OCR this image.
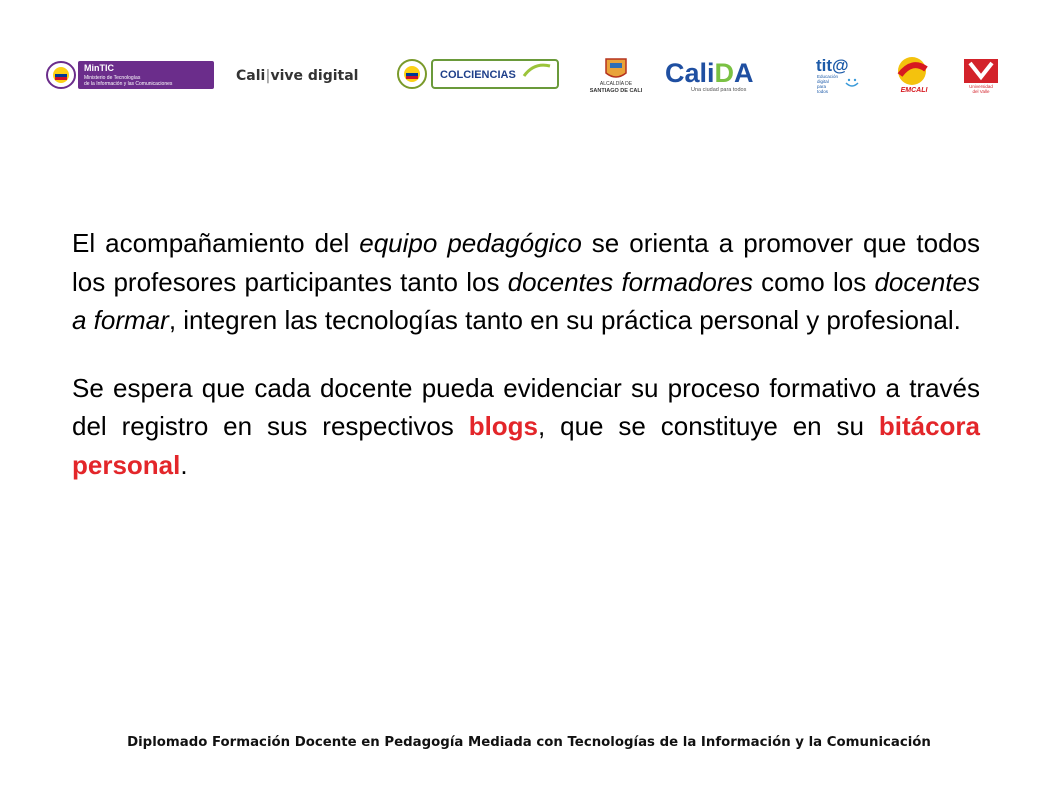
MinTIC
Ministerio de Tecnologías
de la Información y las Comunicaciones	Cali|vive digital	COLCIENCIAS
ALCALDÍA DE
SANTIAGO DE CALI
CaliDA
Una ciudad para todos
tit@
Educación
digital
para
todos	EMCALI
Universidad
del Valle

El acompañamiento del equipo pedagógico se orienta a promover que todos los profesores participantes tanto los docentes formadores como los docentes a formar, integren las tecnologías tanto en su práctica personal y profesional.

Se espera que cada docente pueda evidenciar su proceso formativo a través del registro en sus respectivos blogs, que se constituye en su bitácora personal.

Diplomado Formación Docente en Pedagogía Mediada con Tecnologías de la Información y la Comunicación
